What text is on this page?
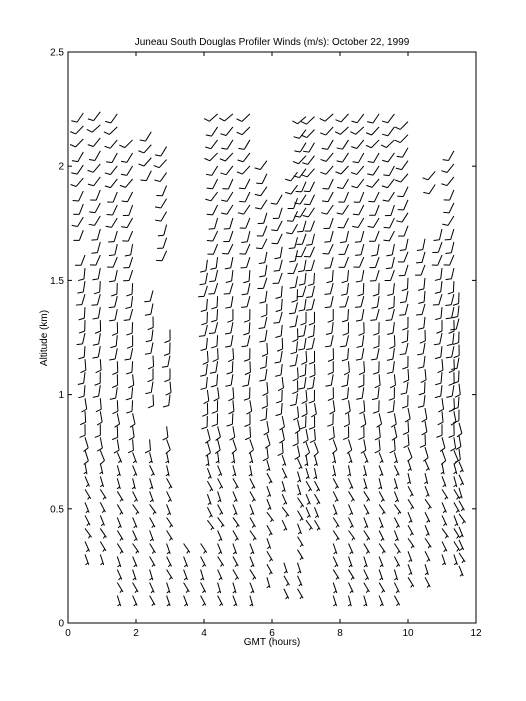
Juneau South Douglas Profiler Winds (m/s): October 22, 1999
0	2	4	6	8	10	12
0
0.5
1
1.5
2
2.5
GMT (hours)
Altitude (km)
